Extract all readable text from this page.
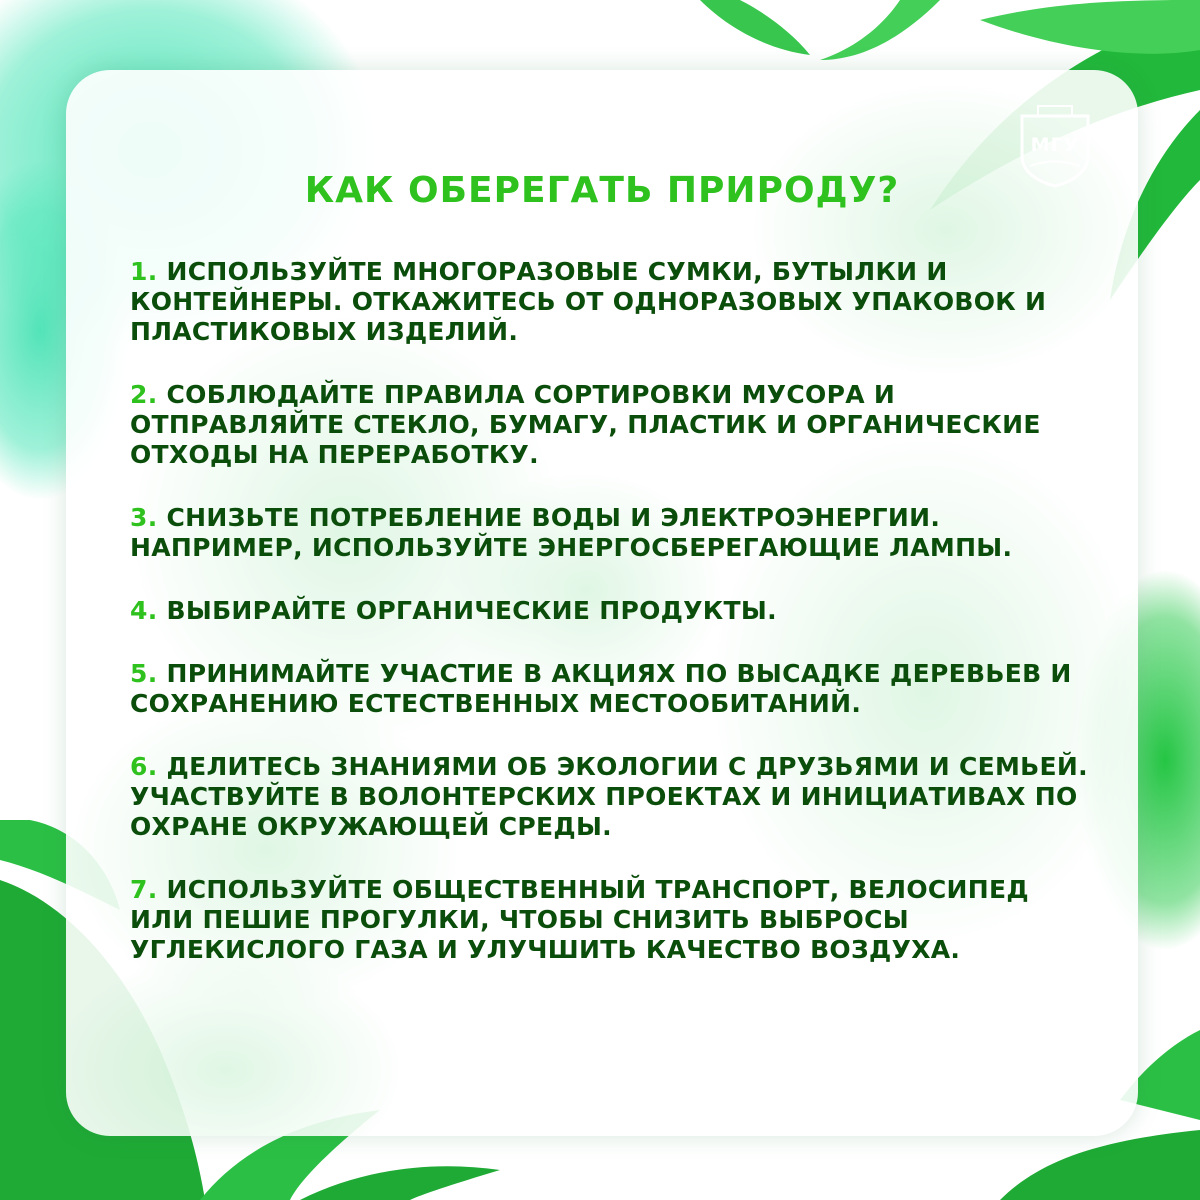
МГУ
КАК ОБЕРЕГАТЬ ПРИРОДУ?
1. ИСПОЛЬЗУЙТЕ МНОГОРАЗОВЫЕ СУМКИ, БУТЫЛКИ И КОНТЕЙНЕРЫ. ОТКАЖИТЕСЬ ОТ ОДНОРАЗОВЫХ УПАКОВОК И ПЛАСТИКОВЫХ ИЗДЕЛИЙ.
2. СОБЛЮДАЙТЕ ПРАВИЛА СОРТИРОВКИ МУСОРА И ОТПРАВЛЯЙТЕ СТЕКЛО, БУМАГУ, ПЛАСТИК И ОРГАНИЧЕСКИЕ ОТХОДЫ НА ПЕРЕРАБОТКУ.
3. СНИЗЬТЕ ПОТРЕБЛЕНИЕ ВОДЫ И ЭЛЕКТРОЭНЕРГИИ. НАПРИМЕР, ИСПОЛЬЗУЙТЕ ЭНЕРГОСБЕРЕГАЮЩИЕ ЛАМПЫ.
4. ВЫБИРАЙТЕ ОРГАНИЧЕСКИЕ ПРОДУКТЫ.
5. ПРИНИМАЙТЕ УЧАСТИЕ В АКЦИЯХ ПО ВЫСАДКЕ ДЕРЕВЬЕВ И СОХРАНЕНИЮ ЕСТЕСТВЕННЫХ МЕСТООБИТАНИЙ.
6. ДЕЛИТЕСЬ ЗНАНИЯМИ ОБ ЭКОЛОГИИ С ДРУЗЬЯМИ И СЕМЬЕЙ. УЧАСТВУЙТЕ В ВОЛОНТЕРСКИХ ПРОЕКТАХ И ИНИЦИАТИВАХ ПО ОХРАНЕ ОКРУЖАЮЩЕЙ СРЕДЫ.
7. ИСПОЛЬЗУЙТЕ ОБЩЕСТВЕННЫЙ ТРАНСПОРТ, ВЕЛОСИПЕД ИЛИ ПЕШИЕ ПРОГУЛКИ, ЧТОБЫ СНИЗИТЬ ВЫБРОСЫ УГЛЕКИСЛОГО ГАЗА И УЛУЧШИТЬ КАЧЕСТВО ВОЗДУХА.
